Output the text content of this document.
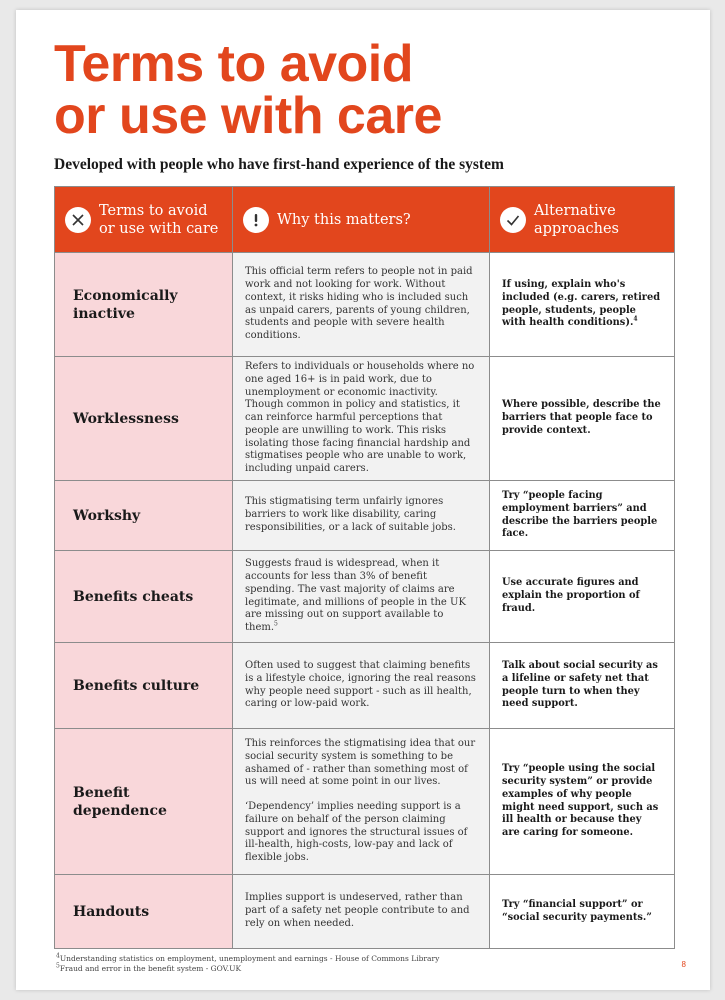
Terms to avoid
or use with care
Developed with people who have first-hand experience of the system
Terms to avoid
or use with care	Why this matters?	Alternative
approaches

Economically inactive	This official term refers to people not in paid work and not looking for work. Without context, it risks hiding who is included such as unpaid carers, parents of young children, students and people with severe health conditions.	If using, explain who's included (e.g. carers, retired people, students, people with health conditions).$^4$
Worklessness	Refers to individuals or households where no one aged 16+ is in paid work, due to unemployment or economic inactivity. Though common in policy and statistics, it can reinforce harmful perceptions that people are unwilling to work. This risks isolating those facing financial hardship and stigmatises people who are unable to work, including unpaid carers.	Where possible, describe the barriers that people face to provide context.
Workshy	This stigmatising term unfairly ignores barriers to work like disability, caring responsibilities, or a lack of suitable jobs.	Try “people facing employment barriers” and describe the barriers people face.
Benefits cheats	Suggests fraud is widespread, when it accounts for less than 3% of benefit spending. The vast majority of claims are legitimate, and millions of people in the UK are missing out on support available to them.$^5$	Use accurate figures and explain the proportion of fraud.
Benefits culture	Often used to suggest that claiming benefits is a lifestyle choice, ignoring the real reasons why people need support - such as ill health, caring or low-paid work.	Talk about social security as a lifeline or safety net that people turn to when they need support.
Benefit dependence	This reinforces the stigmatising idea that our social security system is something to be ashamed of - rather than something most of us will need at some point in our lives.

‘Dependency’ implies needing support is a failure on behalf of the person claiming support and ignores the structural issues of ill-health, high-costs, low-pay and lack of flexible jobs.	Try “people using the social security system” or provide examples of why people might need support, such as ill health or because they are caring for someone.
Handouts	Implies support is undeserved, rather than part of a safety net people contribute to and rely on when needed.	Try “financial support” or “social security payments.”
$^4$Understanding statistics on employment, unemployment and earnings - House of Commons Library
$^5$Fraud and error in the benefit system - GOV.UK	8
